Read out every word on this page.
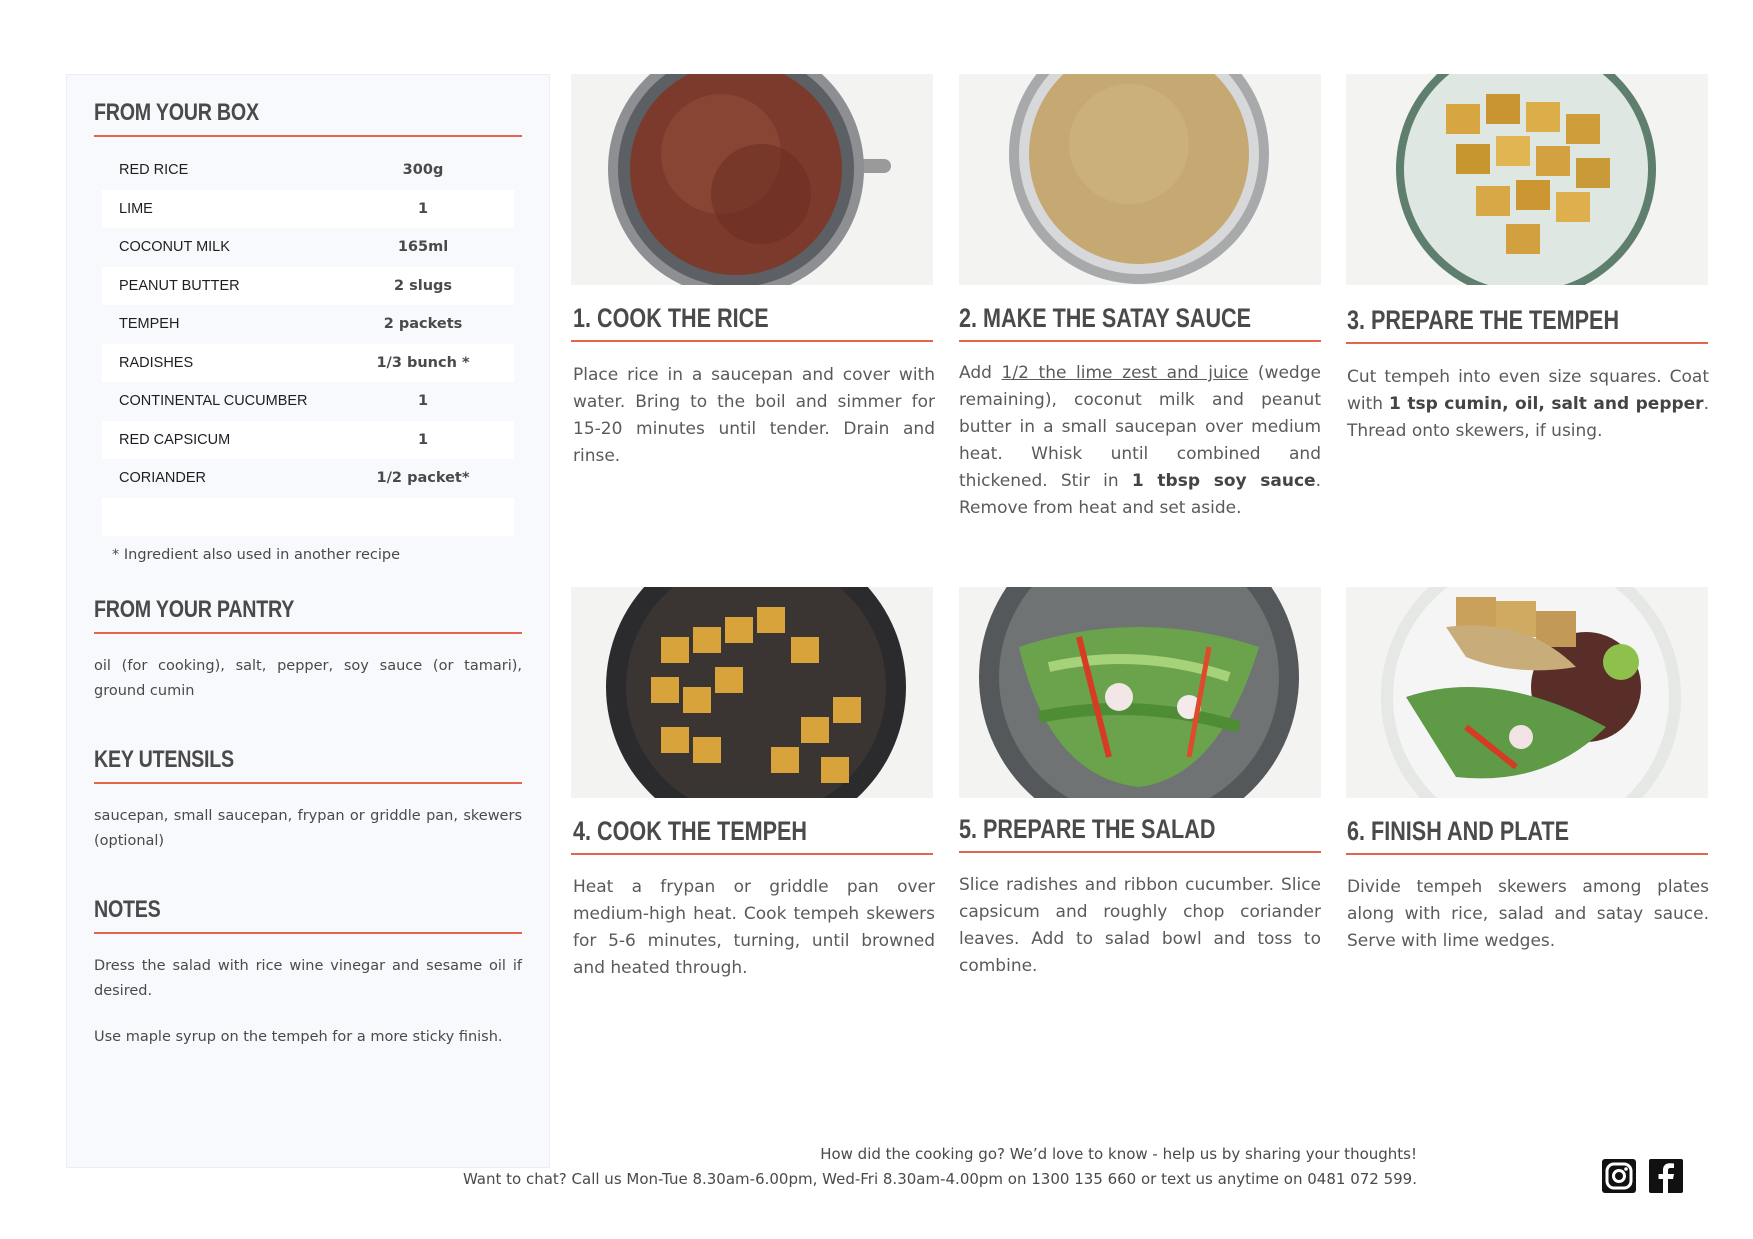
FROM YOUR BOX
RED RICE	300g
LIME	1
COCONUT MILK	165ml
PEANUT BUTTER	2 slugs
TEMPEH	2 packets
RADISHES	1/3 bunch *
CONTINENTAL CUCUMBER	1
RED CAPSICUM	1
CORIANDER	1/2 packet*
* Ingredient also used in another recipe
FROM YOUR PANTRY
oil (for cooking), salt, pepper, soy sauce (or tamari), ground cumin
KEY UTENSILS
saucepan, small saucepan, frypan or griddle pan, skewers (optional)
NOTES
Dress the salad with rice wine vinegar and sesame oil if desired.
Use maple syrup on the tempeh for a more sticky finish.
1. COOK THE RICE
Place rice in a saucepan and cover with water. Bring to the boil and simmer for 15-20 minutes until tender. Drain and rinse.
2. MAKE THE SATAY SAUCE
Add 1/2 the lime zest and juice (wedge remaining), coconut milk and peanut butter in a small saucepan over medium heat. Whisk until combined and thickened. Stir in 1 tbsp soy sauce. Remove from heat and set aside.
3. PREPARE THE TEMPEH
Cut tempeh into even size squares. Coat with 1 tsp cumin, oil, salt and pepper. Thread onto skewers, if using.
4. COOK THE TEMPEH
Heat a frypan or griddle pan over medium-high heat. Cook tempeh skewers for 5-6 minutes, turning, until browned and heated through.
5. PREPARE THE SALAD
Slice radishes and ribbon cucumber. Slice capsicum and roughly chop coriander leaves. Add to salad bowl and toss to combine.
6. FINISH AND PLATE
Divide tempeh skewers among plates along with rice, salad and satay sauce. Serve with lime wedges.
How did the cooking go? We’d love to know - help us by sharing your thoughts!
Want to chat? Call us Mon-Tue 8.30am-6.00pm, Wed-Fri 8.30am-4.00pm on 1300 135 660 or text us anytime on 0481 072 599.
